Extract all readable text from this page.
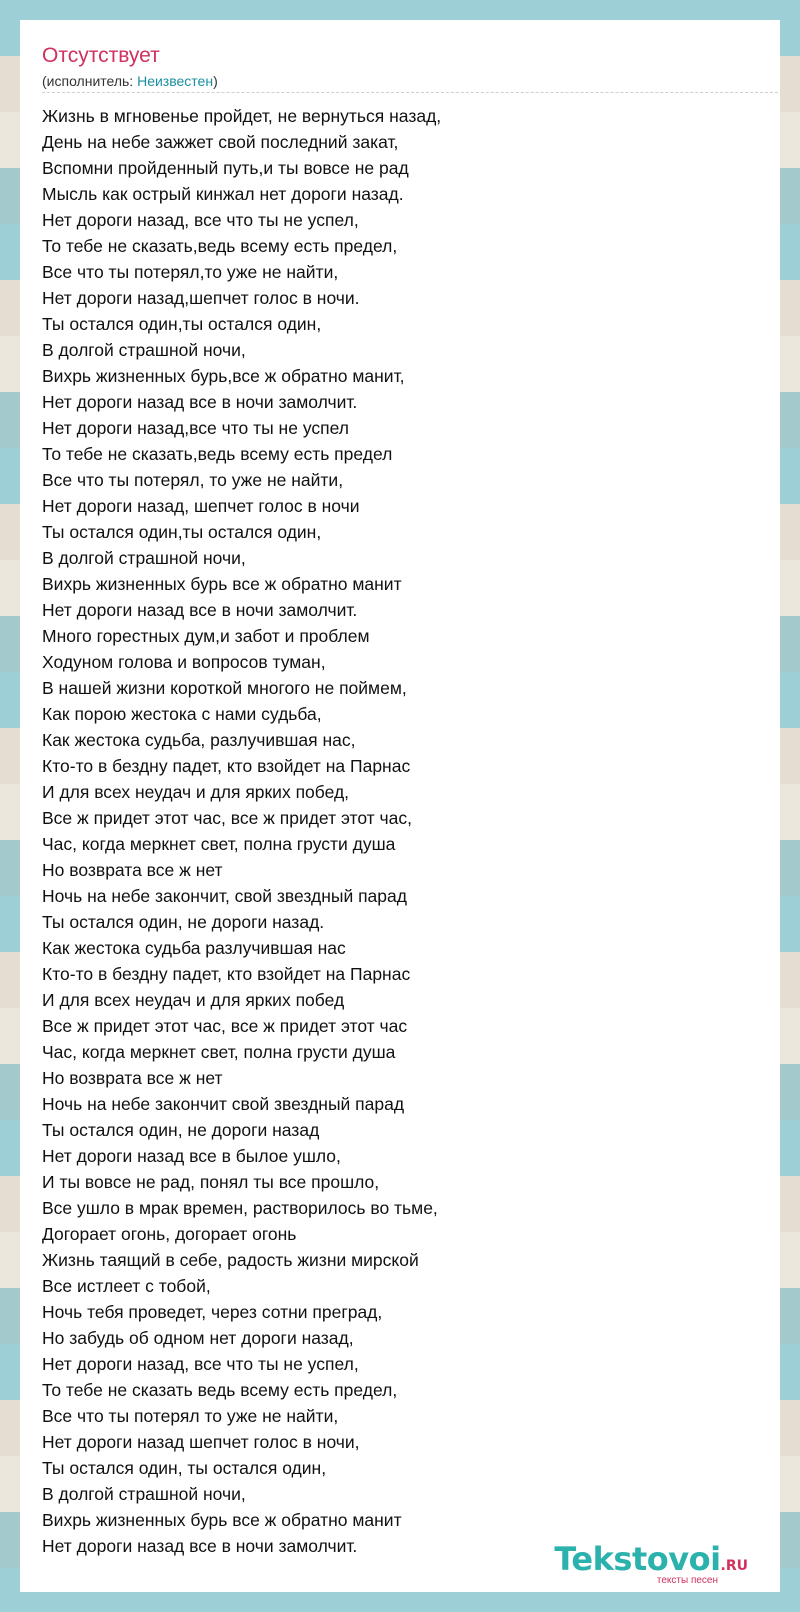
Отсутствует
(исполнитель: Неизвестен)
Жизнь в мгновенье пройдет, не вернуться назад,
День на небе зажжет свой последний закат,
Вспомни пройденный путь,и ты вовсе не рад
Мысль как острый кинжал нет дороги назад.
Нет дороги назад, все что ты не успел,
То тебе не сказать,ведь всему есть предел,
Все что ты потерял,то уже не найти,
Нет дороги назад,шепчет голос в ночи.
Ты остался один,ты остался один,
В долгой страшной ночи,
Вихрь жизненных бурь,все ж обратно манит,
Нет дороги назад все в ночи замолчит.
Нет дороги назад,все что ты не успел
То тебе не сказать,ведь всему есть предел
Все что ты потерял, то уже не найти,
Нет дороги назад, шепчет голос в ночи
Ты остался один,ты остался один,
В долгой страшной ночи,
Вихрь жизненных бурь все ж обратно манит
Нет дороги назад все в ночи замолчит.
Много горестных дум,и забот и проблем
Ходуном голова и вопросов туман,
В нашей жизни короткой многого не поймем,
Как порою жестока с нами судьба,
Как жестока судьба, разлучившая нас,
Кто-то в бездну падет, кто взойдет на Парнас
И для всех неудач и для ярких побед,
Все ж придет этот час, все ж придет этот час,
Час, когда меркнет свет, полна грусти душа
Но возврата все ж нет
Ночь на небе закончит, свой звездный парад
Ты остался один, не дороги назад.
Как жестока судьба разлучившая нас
Кто-то в бездну падет, кто взойдет на Парнас
И для всех неудач и для ярких побед
Все ж придет этот час, все ж придет этот час
Час, когда меркнет свет, полна грусти душа
Но возврата все ж нет
Ночь на небе закончит свой звездный парад
Ты остался один, не дороги назад
Нет дороги назад все в былое ушло,
И ты вовсе не рад, понял ты все прошло,
Все ушло в мрак времен, растворилось во тьме,
Догорает огонь, догорает огонь
Жизнь таящий в себе, радость жизни мирской
Все истлеет с тобой,
Ночь тебя проведет, через сотни преград,
Но забудь об одном нет дороги назад,
Нет дороги назад, все что ты не успел,
То тебе не сказать ведь всему есть предел,
Все что ты потерял то уже не найти,
Нет дороги назад шепчет голос в ночи,
Ты остался один, ты остался один,
В долгой страшной ночи,
Вихрь жизненных бурь все ж обратно манит
Нет дороги назад все в ночи замолчит.	Tekstovoi.RU
тексты песен
